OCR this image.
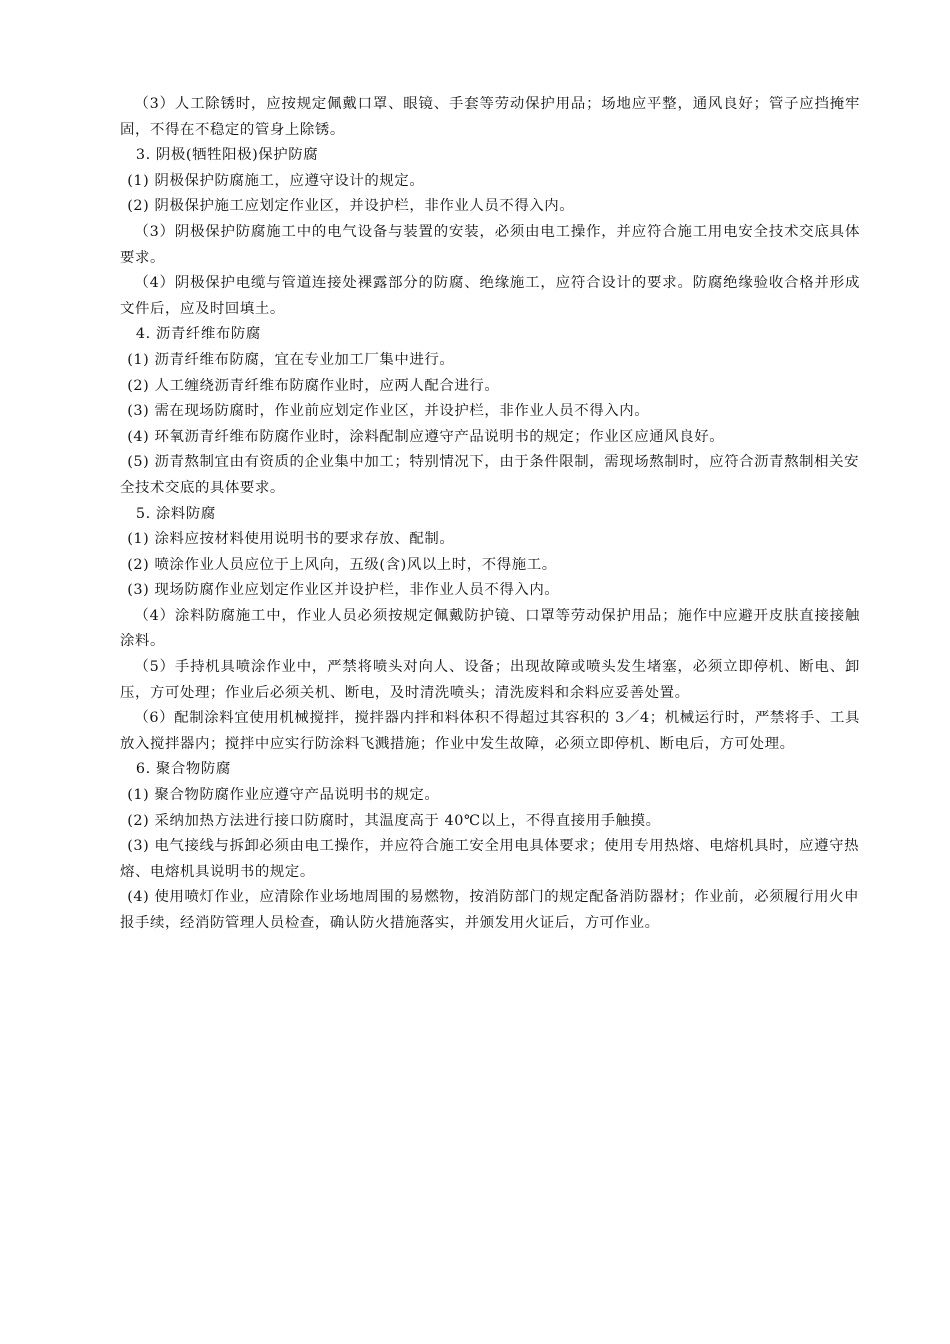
（3）人工除锈时，应按规定佩戴口罩、眼镜、手套等劳动保护用品；场地应平整，通风良好；管子应挡掩牢固，不得在不稳定的管身上除锈。

3. 阴极(牺牲阳极)保护防腐

(1) 阴极保护防腐施工，应遵守设计的规定。

(2) 阴极保护施工应划定作业区，并设护栏，非作业人员不得入内。

（3）阴极保护防腐施工中的电气设备与装置的安装，必须由电工操作，并应符合施工用电安全技术交底具体要求。

（4）阴极保护电缆与管道连接处裸露部分的防腐、绝缘施工，应符合设计的要求。防腐绝缘验收合格并形成文件后，应及时回填土。

4. 沥青纤维布防腐

(1) 沥青纤维布防腐，宜在专业加工厂集中进行。

(2) 人工缠绕沥青纤维布防腐作业时，应两人配合进行。

(3) 需在现场防腐时，作业前应划定作业区，并设护栏，非作业人员不得入内。

(4) 环氧沥青纤维布防腐作业时，涂料配制应遵守产品说明书的规定；作业区应通风良好。

(5) 沥青熬制宜由有资质的企业集中加工；特别情况下，由于条件限制，需现场熬制时，应符合沥青熬制相关安全技术交底的具体要求。

5. 涂料防腐

(1) 涂料应按材料使用说明书的要求存放、配制。

(2) 喷涂作业人员应位于上风向，五级(含)风以上时，不得施工。

(3) 现场防腐作业应划定作业区并设护栏，非作业人员不得入内。

（4）涂料防腐施工中，作业人员必须按规定佩戴防护镜、口罩等劳动保护用品；施作中应避开皮肤直接接触涂料。

（5）手持机具喷涂作业中，严禁将喷头对向人、设备；出现故障或喷头发生堵塞，必须立即停机、断电、卸压，方可处理；作业后必须关机、断电，及时清洗喷头；清洗废料和余料应妥善处置。

（6）配制涂料宜使用机械搅拌，搅拌器内拌和料体积不得超过其容积的 3／4；机械运行时，严禁将手、工具放入搅拌器内；搅拌中应实行防涂料飞溅措施；作业中发生故障，必须立即停机、断电后，方可处理。

6. 聚合物防腐

(1) 聚合物防腐作业应遵守产品说明书的规定。

(2) 采纳加热方法进行接口防腐时，其温度高于 40℃以上，不得直接用手触摸。

(3) 电气接线与拆卸必须由电工操作，并应符合施工安全用电具体要求；使用专用热熔、电熔机具时，应遵守热熔、电熔机具说明书的规定。

(4) 使用喷灯作业，应清除作业场地周围的易燃物，按消防部门的规定配备消防器材；作业前，必须履行用火申报手续，经消防管理人员检查，确认防火措施落实，并颁发用火证后，方可作业。
